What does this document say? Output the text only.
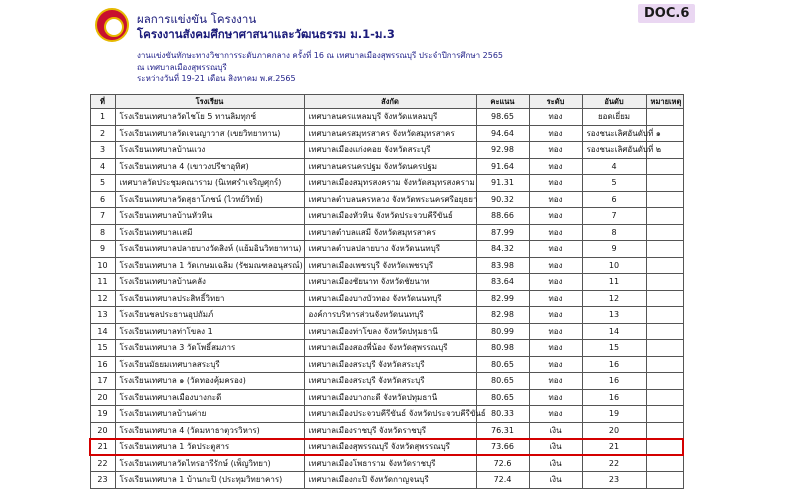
ผลการแข่งขัน โครงงาน
โครงงานสังคมศึกษาศาสนาและวัฒนธรรม ม.1-ม.3
DOC.6
งานแข่งขันทักษะทางวิชาการระดับภาคกลาง ครั้งที่ 16 ณ เทศบาลเมืองสุพรรณบุรี ประจำปีการศึกษา 2565
ณ เทศบาลเมืองสุพรรณบุรี
ระหว่างวันที่ 19-21 เดือน สิงหาคม พ.ศ.2565
ที่	โรงเรียน	สังกัด	คะแนน	ระดับ	อันดับ	หมายเหตุ
1	โรงเรียนเทศบาลวัดไชโย 5 ทานลิมทุกซ์	เทศบาลนครแหลมบุรี จังหวัดแหลมบุรี	98.65	ทอง	ยอดเยี่ยม	
2	โรงเรียนเทศบาลวัดเจนญาวาส (เขยวิทยาทาน)	เทศบาลนครสมุทรสาคร จังหวัดสมุทรสาคร	94.64	ทอง	รองชนะเลิศอันดับที่ ๑	
3	โรงเรียนเทศบาลบ้านแวง	เทศบาลเมืองแก่งคอย จังหวัดสระบุรี	92.98	ทอง	รองชนะเลิศอันดับที่ ๒	
4	โรงเรียนเทศบาล 4 (เขาวงปรีชาอุทิศ)	เทศบาลนครนครปฐม จังหวัดนครปฐม	91.64	ทอง	4	
5	เทศบาลวัดประชุมคณาราม (นิเทศรำเจริญศุกร์)	เทศบาลเมืองสมุทรสงคราม จังหวัดสมุทรสงคราม	91.31	ทอง	5	
6	โรงเรียนเทศบาลวัดสุธาโภชน์ (ไวทย์วิทย์)	เทศบาลตำบลนครหลวง จังหวัดพระนครศรีอยุธยา	90.32	ทอง	6	
7	โรงเรียนเทศบาลบ้านหัวหิน	เทศบาลเมืองหัวหิน จังหวัดประจวบคีรีขันธ์	88.66	ทอง	7	
8	โรงเรียนเทศบาลเเสมี	เทศบาลตำบลแสมี จังหวัดสมุทรสาคร	87.99	ทอง	8	
9	โรงเรียนเทศบาลปลายบางวัดสิงห์ (แย้มอินวิทยาทาน)	เทศบาลตำบลปลายบาง จังหวัดนนทบุรี	84.32	ทอง	9	
10	โรงเรียนเทศบาล 1 วัดเกษมเฉลิม (รัชมณฑลอนุสรณ์)	เทศบาลเมืองเพชรบุรี จังหวัดเพชรบุรี	83.98	ทอง	10	
11	โรงเรียนเทศบาลบ้านคลัง	เทศบาลเมืองชัยนาท จังหวัดชัยนาท	83.64	ทอง	11	
12	โรงเรียนเทศบาลประสิทธิ์วิทยา	เทศบาลเมืองบางบัวทอง จังหวัดนนทบุรี	82.99	ทอง	12	
13	โรงเรียนชลประธานอุปถัมภ์	องค์การบริหารส่วนจังหวัดนนทบุรี	82.98	ทอง	13	
14	โรงเรียนเทศบาลท่าโขลง 1	เทศบาลเมืองท่าโขลง จังหวัดปทุมธานี	80.99	ทอง	14	
15	โรงเรียนเทศบาล 3 วัดโพธิ์สมภาร	เทศบาลเมืองสองพี่น้อง จังหวัดสุพรรณบุรี	80.98	ทอง	15	
16	โรงเรียนมัธยมเทศบาลสระบุรี	เทศบาลเมืองสระบุรี จังหวัดสระบุรี	80.65	ทอง	16	
17	โรงเรียนเทศบาล ๑ (วัดทองคุ้มครอง)	เทศบาลเมืองสระบุรี จังหวัดสระบุรี	80.65	ทอง	16	
20	โรงเรียนเทศบาลเมืองบางกะดี	เทศบาลเมืองบางกะดี จังหวัดปทุมธานี	80.65	ทอง	16	
19	โรงเรียนเทศบาลบ้านค่าย	เทศบาลเมืองประจวบคีรีขันธ์ จังหวัดประจวบคีรีขันธ์	80.33	ทอง	19	
20	โรงเรียนเทศบาล 4 (วัดมหาธาตุวรวิหาร)	เทศบาลเมืองราชบุรี จังหวัดราชบุรี	76.31	เงิน	20	
21	โรงเรียนเทศบาล 1 วัดประตูสาร	เทศบาลเมืองสุพรรณบุรี จังหวัดสุพรรณบุรี	73.66	เงิน	21	
22	โรงเรียนเทศบาลวัดไทรอารีรักษ์ (เพ็ญวิทยา)	เทศบาลเมืองโพธาราม จังหวัดราชบุรี	72.6	เงิน	22	
23	โรงเรียนเทศบาล 1 บ้านกะปิ (ประทุมวิทยาคาร)	เทศบาลเมืองกะปิ จังหวัดกาญจนบุรี	72.4	เงิน	23	
